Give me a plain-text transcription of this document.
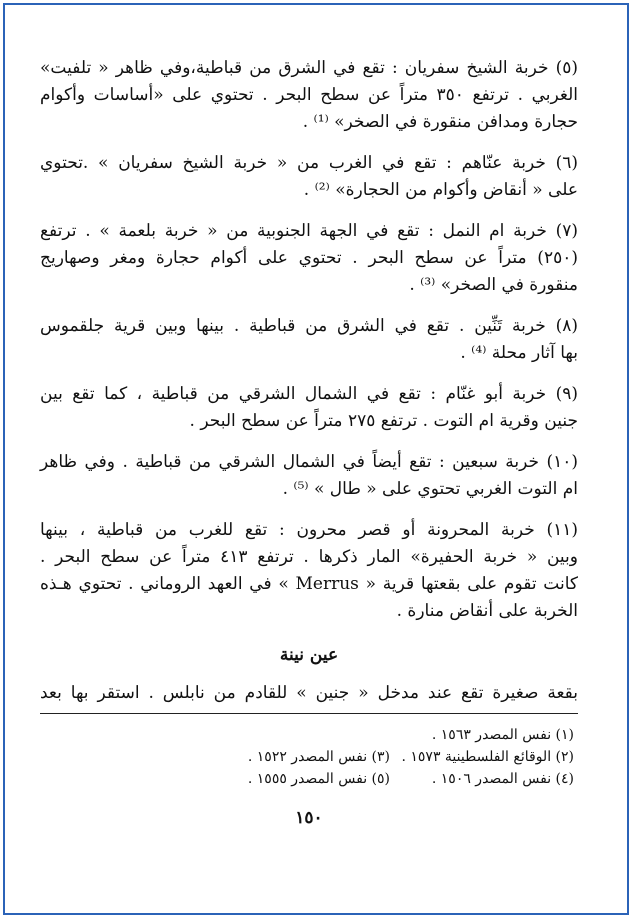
(٥) خربة الشيخ سفريان : تقع في الشرق من قباطية،وفي ظاهر « تلفيت»
الغربي . ترتفع ٣٥٠ متراً عن سطح البحر . تحتوي على «أساسات وأكوام
حجارة ومدافن منقورة في الصخر» ⁽¹⁾ .
(٦) خربة عنّاهم : تقع في الغرب من « خربة الشيخ سفريان » .تحتوي
على « أنقاض وأكوام من الحجارة» ⁽²⁾ .
(٧) خربة ام النمل : تقع في الجهة الجنوبية من « خربة بلعمة » . ترتفع
(٢٥٠) متراً عن سطح البحر . تحتوي على أكوام حجارة ومغر وصهاريج
منقورة في الصخر» ⁽³⁾ .
(٨) خربة تَنِّين . تقع في الشرق من قباطية . بينها وبين قرية جلقموس
بها آثار محلة ⁽⁴⁾ .
(٩) خربة أبو غنّام : تقع في الشمال الشرقي من قباطية ، كما تقع بين
جنين وقرية ام التوت . ترتفع ٢٧٥ متراً عن سطح البحر .
(١٠) خربة سبعين : تقع أيضاً في الشمال الشرقي من قباطية . وفي ظاهر
ام التوت الغربي تحتوي على « طال » ⁽⁵⁾ .
(١١) خربة المحرونة أو قصر محرون : تقع للغرب من قباطية ، بينها
وبين « خربة الحفيرة» المار ذكرها . ترتفع ٤١٣ متراً عن سطح البحر .
كانت تقوم على بقعتها قرية « Merrus » في العهد الروماني . تحتوي هـذه
الخربة على أنقاض منارة .
عين نينة
بقعة صغيرة تقع عند مدخل « جنين » للقادم من نابلس . استقر بها بعد
(١) نفس المصدر ١٥٦٣ .
(٢) الوقائع الفلسطينية ١٥٧٣ .
(٣) نفس المصدر ١٥٢٢ .
(٤) نفس المصدر ١٥٠٦ .
(٥) نفس المصدر ١٥٥٥ .
١٥٠
